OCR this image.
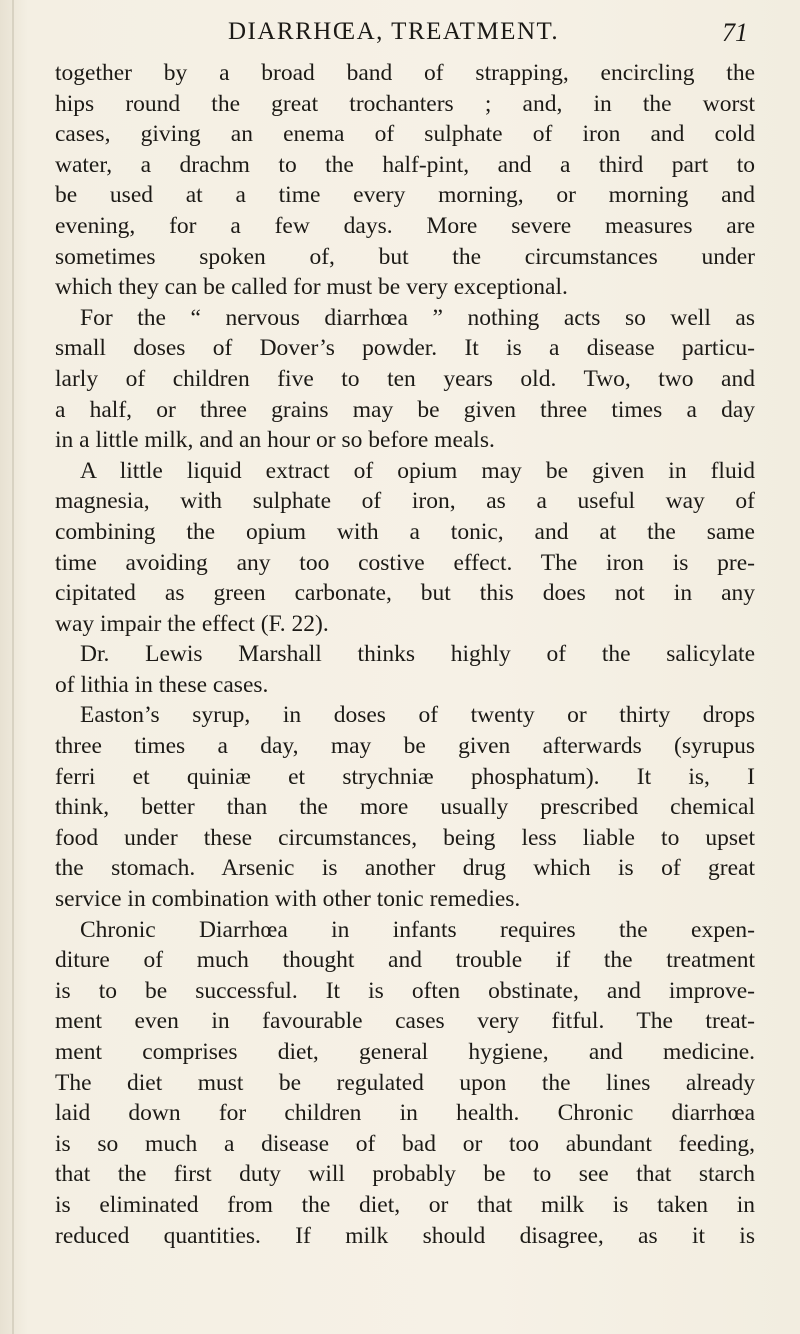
DIARRHŒA, TREATMENT.	71
together by a broad band of strapping, encircling the
hips round the great trochanters ; and, in the worst
cases, giving an enema of sulphate of iron and cold
water, a drachm to the half-pint, and a third part to
be used at a time every morning, or morning and
evening, for a few days. More severe measures are
sometimes spoken of, but the circumstances under
which they can be called for must be very exceptional.
For the “ nervous diarrhœa ” nothing acts so well as
small doses of Dover’s powder. It is a disease particu-
larly of children five to ten years old. Two, two and
a half, or three grains may be given three times a day
in a little milk, and an hour or so before meals.
A little liquid extract of opium may be given in fluid
magnesia, with sulphate of iron, as a useful way of
combining the opium with a tonic, and at the same
time avoiding any too costive effect. The iron is pre-
cipitated as green carbonate, but this does not in any
way impair the effect (F. 22).
Dr. Lewis Marshall thinks highly of the salicylate
of lithia in these cases.
Easton’s syrup, in doses of twenty or thirty drops
three times a day, may be given afterwards (syrupus
ferri et quiniæ et strychniæ phosphatum). It is, I
think, better than the more usually prescribed chemical
food under these circumstances, being less liable to upset
the stomach. Arsenic is another drug which is of great
service in combination with other tonic remedies.
Chronic Diarrhœa in infants requires the expen-
diture of much thought and trouble if the treatment
is to be successful. It is often obstinate, and improve-
ment even in favourable cases very fitful. The treat-
ment comprises diet, general hygiene, and medicine.
The diet must be regulated upon the lines already
laid down for children in health. Chronic diarrhœa
is so much a disease of bad or too abundant feeding,
that the first duty will probably be to see that starch
is eliminated from the diet, or that milk is taken in
reduced quantities. If milk should disagree, as it is
